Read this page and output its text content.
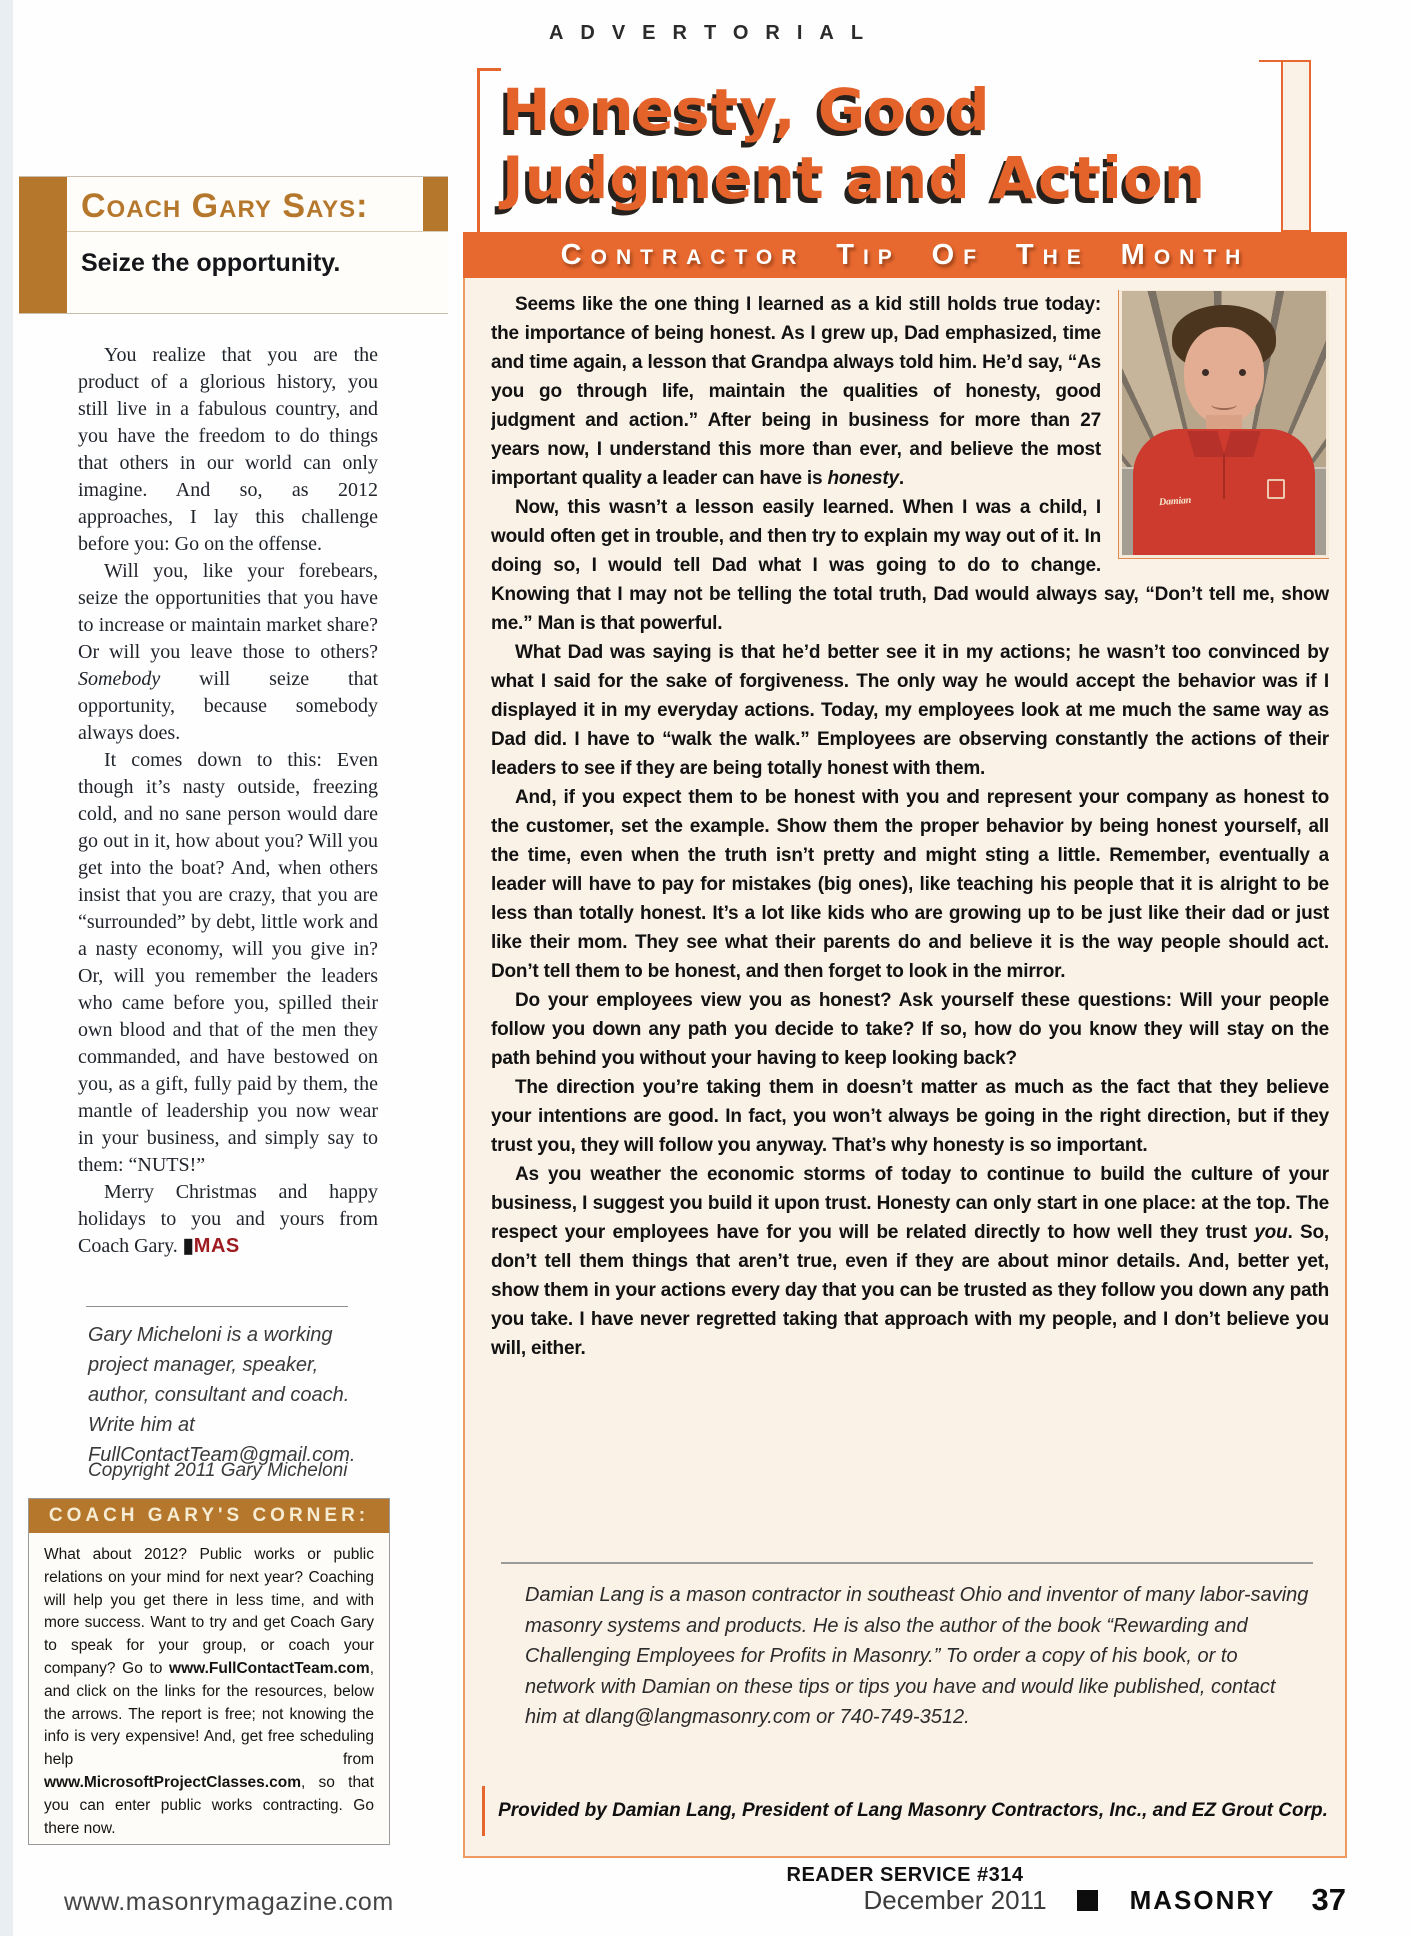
ADVERTORIAL
Coach Gary Says:
Seize the opportunity.

You realize that you are the product of a glorious history, you still live in a fabulous country, and you have the freedom to do things that others in our world can only imagine. And so, as 2012 approaches, I lay this challenge before you: Go on the offense.

Will you, like your forebears, seize the opportunities that you have to increase or maintain market share? Or will you leave those to others? Somebody will seize that opportunity, because somebody always does.

It comes down to this: Even though it’s nasty outside, freezing cold, and no sane person would dare go out in it, how about you? Will you get into the boat? And, when others insist that you are crazy, that you are “surrounded” by debt, little work and a nasty economy, will you give in? Or, will you remember the leaders who came before you, spilled their own blood and that of the men they commanded, and have bestowed on you, as a gift, fully paid by them, the mantle of leadership you now wear in your business, and simply say to them: “NUTS!”

Merry Christmas and happy holidays to you and yours from Coach Gary. ▮MAS

Gary Micheloni is a working project manager, speaker, author, consultant and coach. Write him at FullContactTeam@gmail.com.

Copyright 2011 Gary Micheloni

COACH GARY'S CORNER:

What about 2012? Public works or public relations on your mind for next year? Coaching will help you get there in less time, and with more success. Want to try and get Coach Gary to speak for your group, or coach your company? Go to www.FullContactTeam.com, and click on the links for the resources, below the arrows. The report is free; not knowing the info is very expensive! And, get free scheduling help from www.MicrosoftProjectClasses.com, so that you can enter public works contracting. Go there now.

Honesty, Good
Judgment and Action
CONTRACTOR TIP OF THE MONTH
Damian

Seems like the one thing I learned as a kid still holds true today: the importance of being honest. As I grew up, Dad emphasized, time and time again, a lesson that Grandpa always told him. He’d say, “As you go through life, maintain the qualities of honesty, good judgment and action.” After being in business for more than 27 years now, I understand this more than ever, and believe the most important quality a leader can have is honesty.

Now, this wasn’t a lesson easily learned. When I was a child, I would often get in trouble, and then try to explain my way out of it. In doing so, I would tell Dad what I was going to do to change. Knowing that I may not be telling the total truth, Dad would always say, “Don’t tell me, show me.” Man is that powerful.

What Dad was saying is that he’d better see it in my actions; he wasn’t too convinced by what I said for the sake of forgiveness. The only way he would accept the behavior was if I displayed it in my everyday actions. Today, my employees look at me much the same way as Dad did. I have to “walk the walk.” Employees are observing constantly the actions of their leaders to see if they are being totally honest with them.

And, if you expect them to be honest with you and represent your company as honest to the customer, set the example. Show them the proper behavior by being honest yourself, all the time, even when the truth isn’t pretty and might sting a little. Remember, eventually a leader will have to pay for mistakes (big ones), like teaching his people that it is alright to be less than totally honest. It’s a lot like kids who are growing up to be just like their dad or just like their mom. They see what their parents do and believe it is the way people should act. Don’t tell them to be honest, and then forget to look in the mirror.

Do your employees view you as honest? Ask yourself these questions: Will your people follow you down any path you decide to take? If so, how do you know they will stay on the path behind you without your having to keep looking back?

The direction you’re taking them in doesn’t matter as much as the fact that they believe your intentions are good. In fact, you won’t always be going in the right direction, but if they trust you, they will follow you anyway. That’s why honesty is so important.

As you weather the economic storms of today to continue to build the culture of your business, I suggest you build it upon trust. Honesty can only start in one place: at the top. The respect your employees have for you will be related directly to how well they trust you. So, don’t tell them things that aren’t true, even if they are about minor details. And, better yet, show them in your actions every day that you can be trusted as they follow you down any path you take. I have never regretted taking that approach with my people, and I don’t believe you will, either.

Damian Lang is a mason contractor in southeast Ohio and inventor of many labor-saving masonry systems and products. He is also the author of the book “Rewarding and Challenging Employees for Profits in Masonry.” To order a copy of his book, or to network with Damian on these tips or tips you have and would like published, contact him at dlang@langmasonry.com or 740-749-3512.

Provided by Damian Lang, President of Lang Masonry Contractors, Inc., and EZ Grout Corp.
READER SERVICE #314
www.masonrymagazine.com	December 2011	MASONRY 37
